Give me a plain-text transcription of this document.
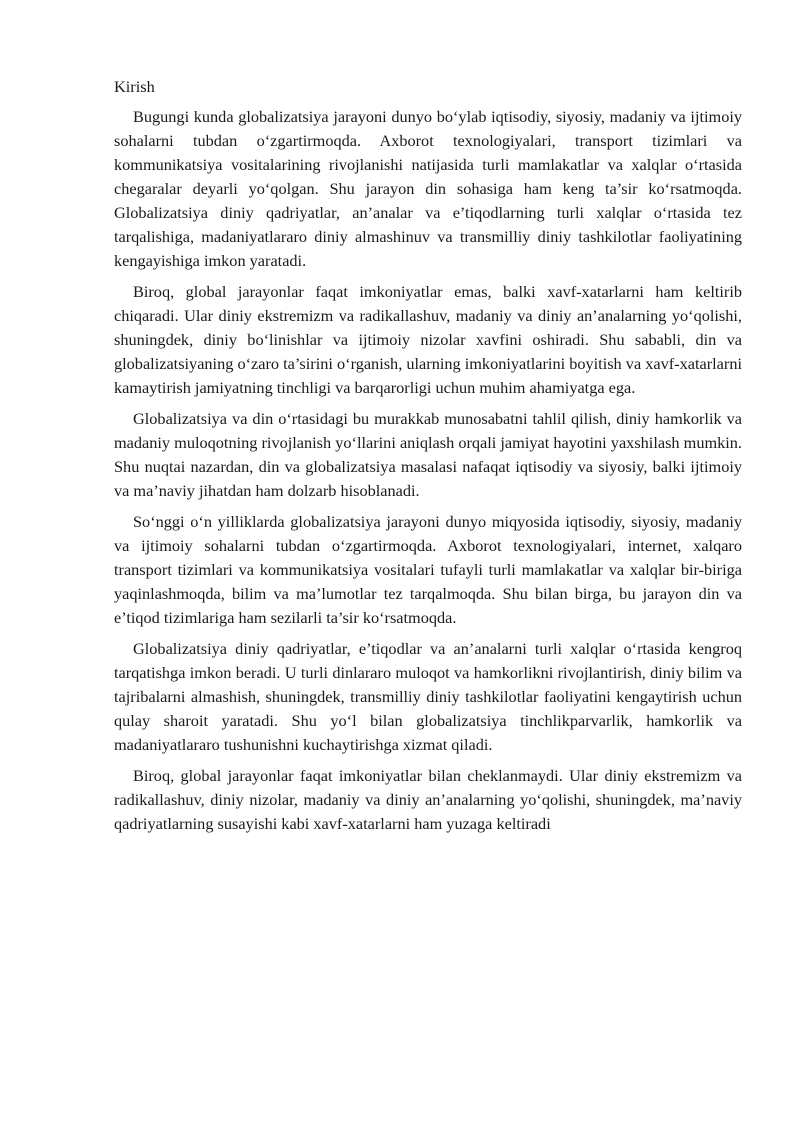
Kirish

Bugungi kunda globalizatsiya jarayoni dunyo bo‘ylab iqtisodiy, siyosiy, madaniy va ijtimoiy sohalarni tubdan o‘zgartirmoqda. Axborot texnologiyalari, transport tizimlari va kommunikatsiya vositalarining rivojlanishi natijasida turli mamlakatlar va xalqlar o‘rtasida chegaralar deyarli yo‘qolgan. Shu jarayon din sohasiga ham keng ta’sir ko‘rsatmoqda. Globalizatsiya diniy qadriyatlar, an’analar va e’tiqodlarning turli xalqlar o‘rtasida tez tarqalishiga, madaniyatlararo diniy almashinuv va transmilliy diniy tashkilotlar faoliyatining kengayishiga imkon yaratadi.

Biroq, global jarayonlar faqat imkoniyatlar emas, balki xavf-xatarlarni ham keltirib chiqaradi. Ular diniy ekstremizm va radikallashuv, madaniy va diniy an’analarning yo‘qolishi, shuningdek, diniy bo‘linishlar va ijtimoiy nizolar xavfini oshiradi. Shu sababli, din va globalizatsiyaning o‘zaro ta’sirini o‘rganish, ularning imkoniyatlarini boyitish va xavf-xatarlarni kamaytirish jamiyatning tinchligi va barqarorligi uchun muhim ahamiyatga ega.

Globalizatsiya va din o‘rtasidagi bu murakkab munosabatni tahlil qilish, diniy hamkorlik va madaniy muloqotning rivojlanish yo‘llarini aniqlash orqali jamiyat hayotini yaxshilash mumkin. Shu nuqtai nazardan, din va globalizatsiya masalasi nafaqat iqtisodiy va siyosiy, balki ijtimoiy va ma’naviy jihatdan ham dolzarb hisoblanadi.

So‘nggi o‘n yilliklarda globalizatsiya jarayoni dunyo miqyosida iqtisodiy, siyosiy, madaniy va ijtimoiy sohalarni tubdan o‘zgartirmoqda. Axborot texnologiyalari, internet, xalqaro transport tizimlari va kommunikatsiya vositalari tufayli turli mamlakatlar va xalqlar bir-biriga yaqinlashmoqda, bilim va ma’lumotlar tez tarqalmoqda. Shu bilan birga, bu jarayon din va e’tiqod tizimlariga ham sezilarli ta’sir ko‘rsatmoqda.

Globalizatsiya diniy qadriyatlar, e’tiqodlar va an’analarni turli xalqlar o‘rtasida kengroq tarqatishga imkon beradi. U turli dinlararo muloqot va hamkorlikni rivojlantirish, diniy bilim va tajribalarni almashish, shuningdek, transmilliy diniy tashkilotlar faoliyatini kengaytirish uchun qulay sharoit yaratadi. Shu yo‘l bilan globalizatsiya tinchlikparvarlik, hamkorlik va madaniyatlararo tushunishni kuchaytirishga xizmat qiladi.

Biroq, global jarayonlar faqat imkoniyatlar bilan cheklanmaydi. Ular diniy ekstremizm va radikallashuv, diniy nizolar, madaniy va diniy an’analarning yo‘qolishi, shuningdek, ma’naviy qadriyatlarning susayishi kabi xavf-xatarlarni ham yuzaga keltiradi
